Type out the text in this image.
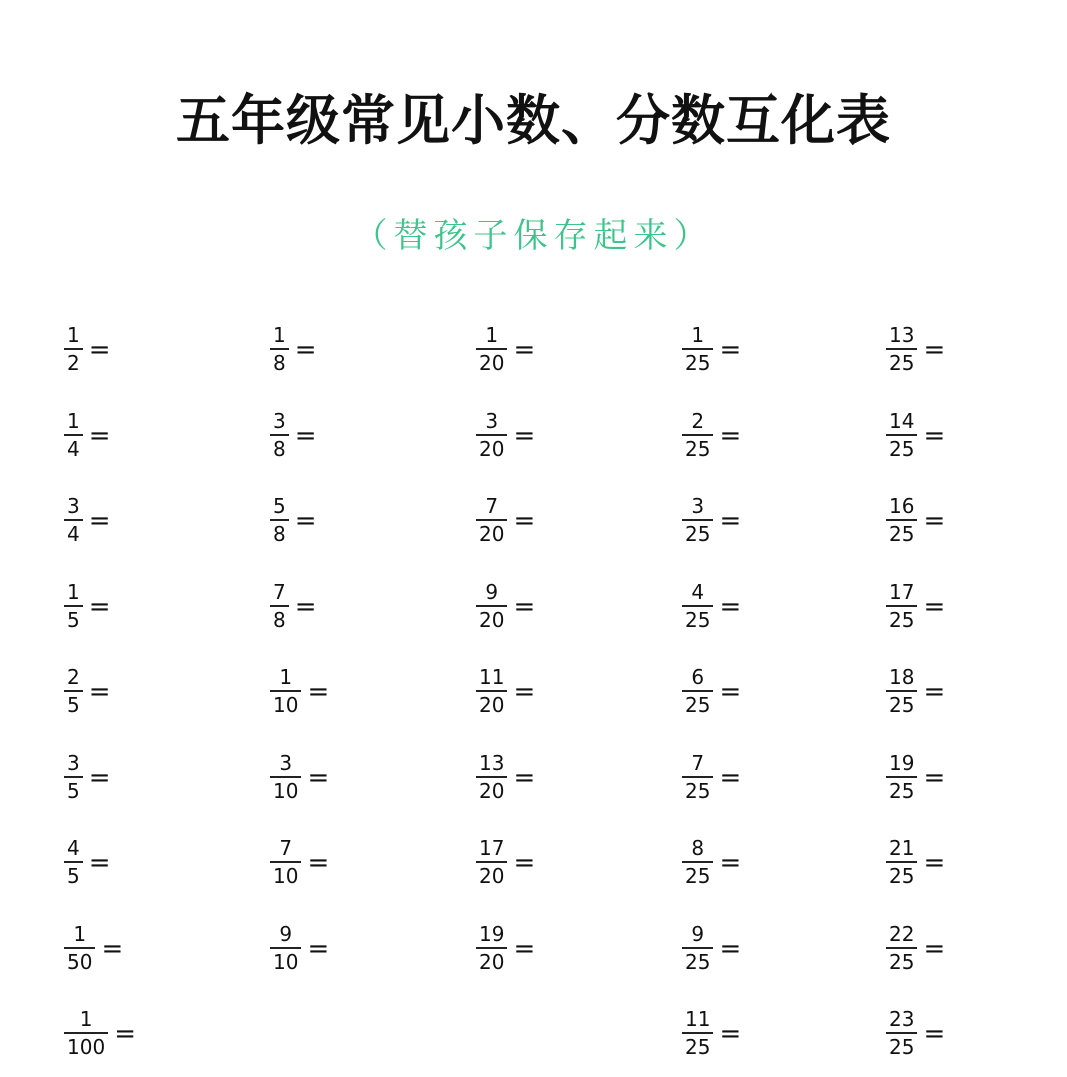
五年级常见小数、分数互化表
（替孩子保存起来）
$\frac{1}{2}$ =
$\frac{1}{4}$ =
$\frac{3}{4}$ =
$\frac{1}{5}$ =
$\frac{2}{5}$ =
$\frac{3}{5}$ =
$\frac{4}{5}$ =
$\frac{1}{50}$ =
$\frac{1}{100}$ =
$\frac{1}{8}$ =
$\frac{3}{8}$ =
$\frac{5}{8}$ =
$\frac{7}{8}$ =
$\frac{1}{10}$ =
$\frac{3}{10}$ =
$\frac{7}{10}$ =
$\frac{9}{10}$ =
$\frac{1}{20}$ =
$\frac{3}{20}$ =
$\frac{7}{20}$ =
$\frac{9}{20}$ =
$\frac{11}{20}$ =
$\frac{13}{20}$ =
$\frac{17}{20}$ =
$\frac{19}{20}$ =
$\frac{1}{25}$ =
$\frac{2}{25}$ =
$\frac{3}{25}$ =
$\frac{4}{25}$ =
$\frac{6}{25}$ =
$\frac{7}{25}$ =
$\frac{8}{25}$ =
$\frac{9}{25}$ =
$\frac{11}{25}$ =
$\frac{13}{25}$ =
$\frac{14}{25}$ =
$\frac{16}{25}$ =
$\frac{17}{25}$ =
$\frac{18}{25}$ =
$\frac{19}{25}$ =
$\frac{21}{25}$ =
$\frac{22}{25}$ =
$\frac{23}{25}$ =
